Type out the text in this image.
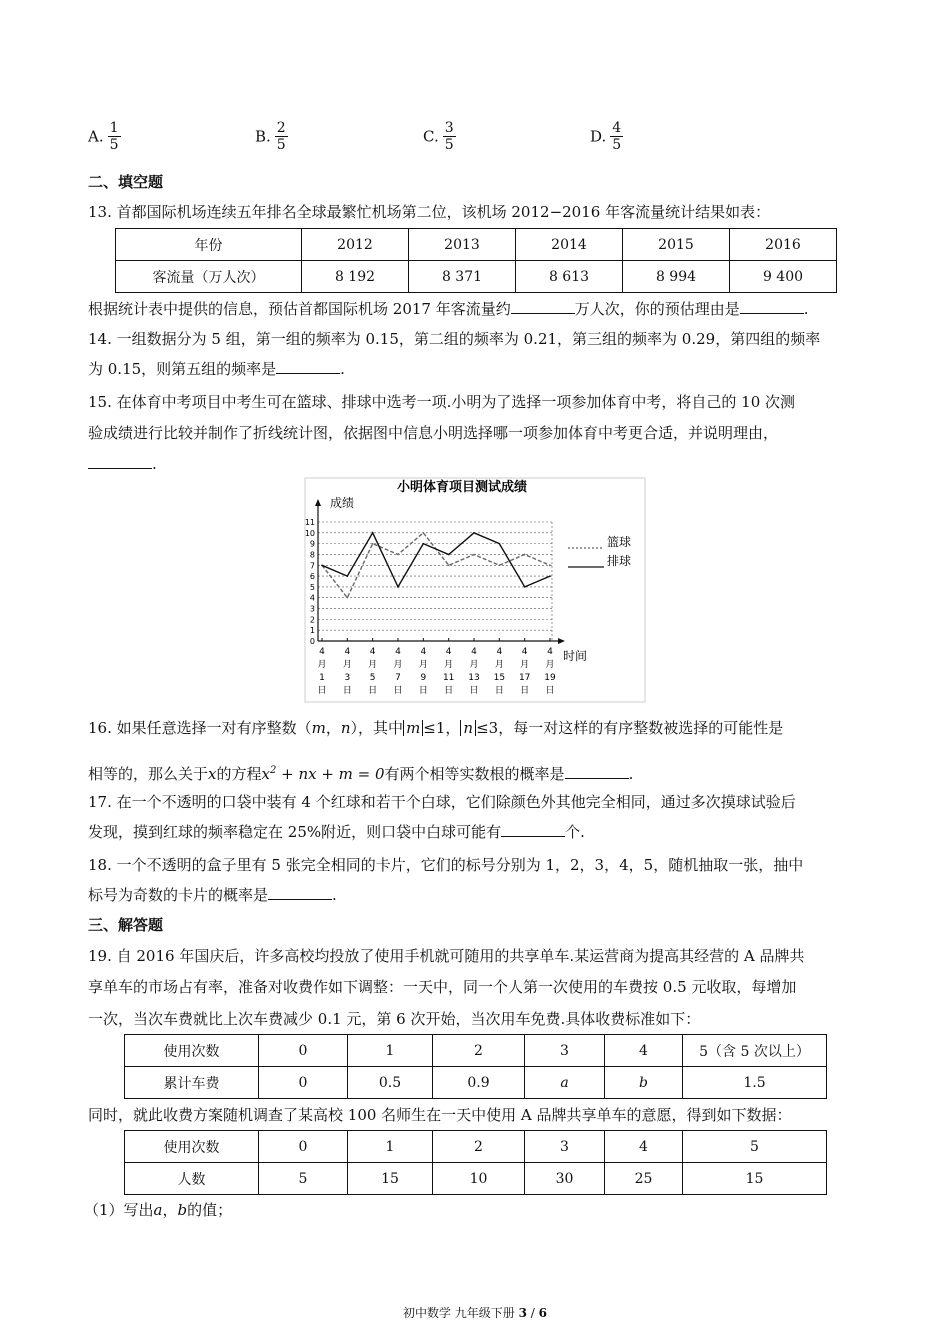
A. $\frac{1}{5}$	B. $\frac{2}{5}$	C. $\frac{3}{5}$	D. $\frac{4}{5}$
二、填空题
13. 首都国际机场连续五年排名全球最繁忙机场第二位，该机场 2012−2016 年客流量统计结果如表：
年份	2012	2013	2014	2015	2016
客流量（万人次）	8 192	8 371	8 613	8 994	9 400
根据统计表中提供的信息，预估首都国际机场 2017 年客流量约	万人次，你的预估理由是	.
14. 一组数据分为 5 组，第一组的频率为 0.15，第二组的频率为 0.21，第三组的频率为 0.29，第四组的频率
为 0.15，则第五组的频率是	.
15. 在体育中考项目中考生可在篮球、排球中选考一项.小明为了选择一项参加体育中考，将自己的 10 次测
验成绩进行比较并制作了折线统计图，依据图中信息小明选择哪一项参加体育中考更合适，并说明理由，
.
小明体育项目测试成绩
成绩
时间
0
1
2
3
4
5
6
7
8
9
10
11
4 月 1 日
4 月 3 日
4 月 5 日
4 月 7 日
4 月 9 日
4 月 11 日
4 月 13 日
4 月 15 日
4 月 17 日
4 月 19 日
篮球
排球
16. 如果任意选择一对有序整数（m，n），其中 m ≤1， n ≤3，每一对这样的有序整数被选择的可能性是
相等的，那么关于x的方程$x^2$ + nx + m = 0有两个相等实数根的概率是	.
17. 在一个不透明的口袋中装有 4 个红球和若干个白球，它们除颜色外其他完全相同，通过多次摸球试验后
发现，摸到红球的频率稳定在 25%附近，则口袋中白球可能有	个.
18. 一个不透明的盒子里有 5 张完全相同的卡片，它们的标号分别为 1，2，3，4，5，随机抽取一张，抽中
标号为奇数的卡片的概率是	.
三、解答题
19. 自 2016 年国庆后，许多高校均投放了使用手机就可随用的共享单车.某运营商为提高其经营的 A 品牌共
享单车的市场占有率，准备对收费作如下调整：一天中，同一个人第一次使用的车费按 0.5 元收取，每增加
一次，当次车费就比上次车费减少 0.1 元，第 6 次开始，当次用车免费.具体收费标准如下：
使用次数	0	1	2	3	4	5（含 5 次以上）
累计车费	0	0.5	0.9	a	b	1.5
同时，就此收费方案随机调查了某高校 100 名师生在一天中使用 A 品牌共享单车的意愿，得到如下数据：
使用次数	0	1	2	3	4	5
人数	5	15	10	30	25	15
（1）写出a，b的值；
初中数学 九年级下册 3 / 6
